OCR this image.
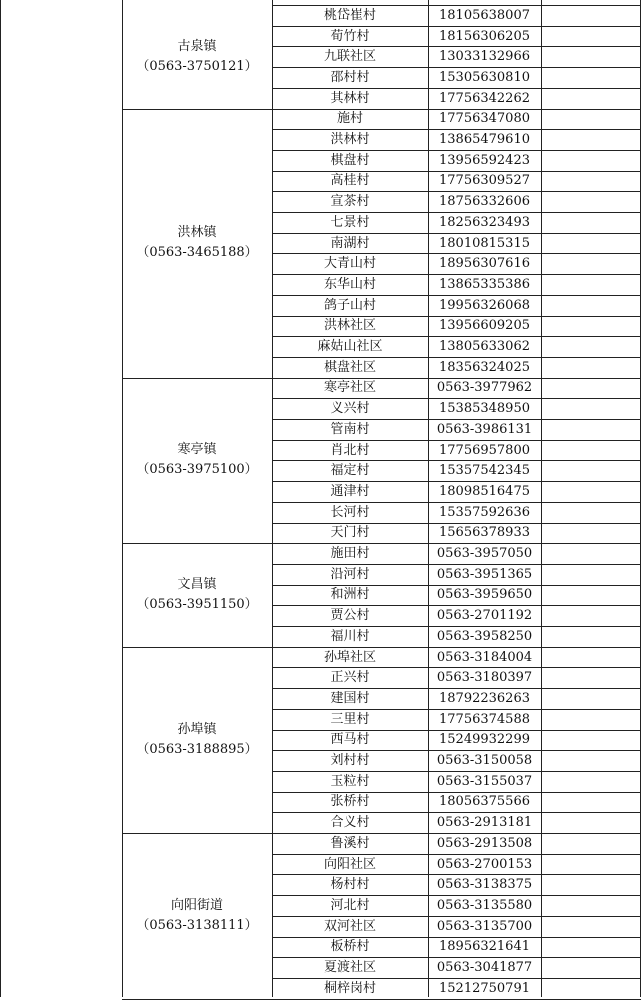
古泉镇
（0563-3750121）
桃岱崔村	18105638007
荀竹村	18156306205
九联社区	13033132966
邵村村	15305630810
其林村	17756342262
洪林镇
（0563-3465188）
施村	17756347080
洪林村	13865479610
棋盘村	13956592423
高桂村	17756309527
宣茶村	18756332606
七景村	18256323493
南湖村	18010815315
大青山村	18956307616
东华山村	13865335386
鸽子山村	19956326068
洪林社区	13956609205
麻姑山社区	13805633062
棋盘社区	18356324025
寒亭镇
（0563-3975100）
寒亭社区	0563-3977962
义兴村	15385348950
管南村	0563-3986131
肖北村	17756957800
福定村	15357542345
通津村	18098516475
长河村	15357592636
天门村	15656378933
文昌镇
（0563-3951150）
施田村	0563-3957050
沿河村	0563-3951365
和洲村	0563-3959650
贾公村	0563-2701192
福川村	0563-3958250
孙埠镇
（0563-3188895）
孙埠社区	0563-3184004
正兴村	0563-3180397
建国村	18792236263
三里村	17756374588
西马村	15249932299
刘村村	0563-3150058
玉粒村	0563-3155037
张桥村	18056375566
合义村	0563-2913181
向阳街道
（0563-3138111）
鲁溪村	0563-2913508
向阳社区	0563-2700153
杨村村	0563-3138375
河北村	0563-3135580
双河社区	0563-3135700
板桥村	18956321641
夏渡社区	0563-3041877
桐梓岗村	15212750791
